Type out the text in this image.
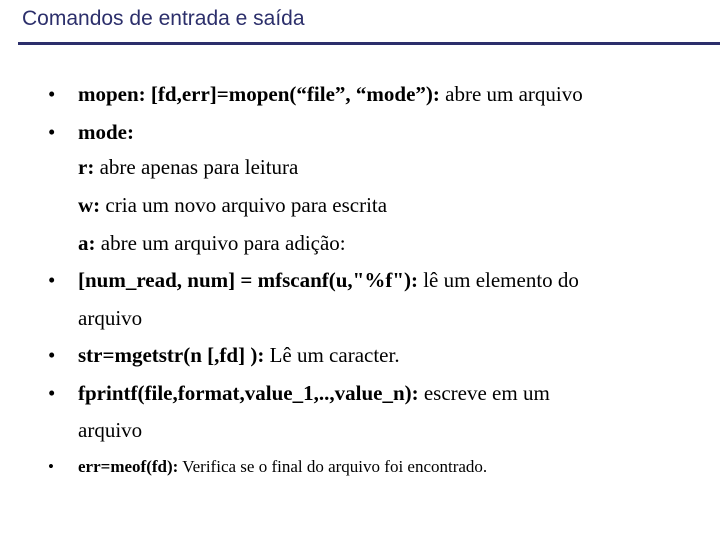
Comandos de entrada e saída
• mopen: [fd,err]=mopen(“file”, “mode”): abre um arquivo
• mode:
r: abre apenas para leitura
w: cria um novo arquivo para escrita
a: abre um arquivo para adição:
• [num_read, num] = mfscanf(u,"%f"): lê um elemento do
arquivo
• str=mgetstr(n [,fd] ): Lê um caracter.
• fprintf(file,format,value_1,..,value_n): escreve em um
arquivo
• err=meof(fd): Verifica se o final do arquivo foi encontrado.
